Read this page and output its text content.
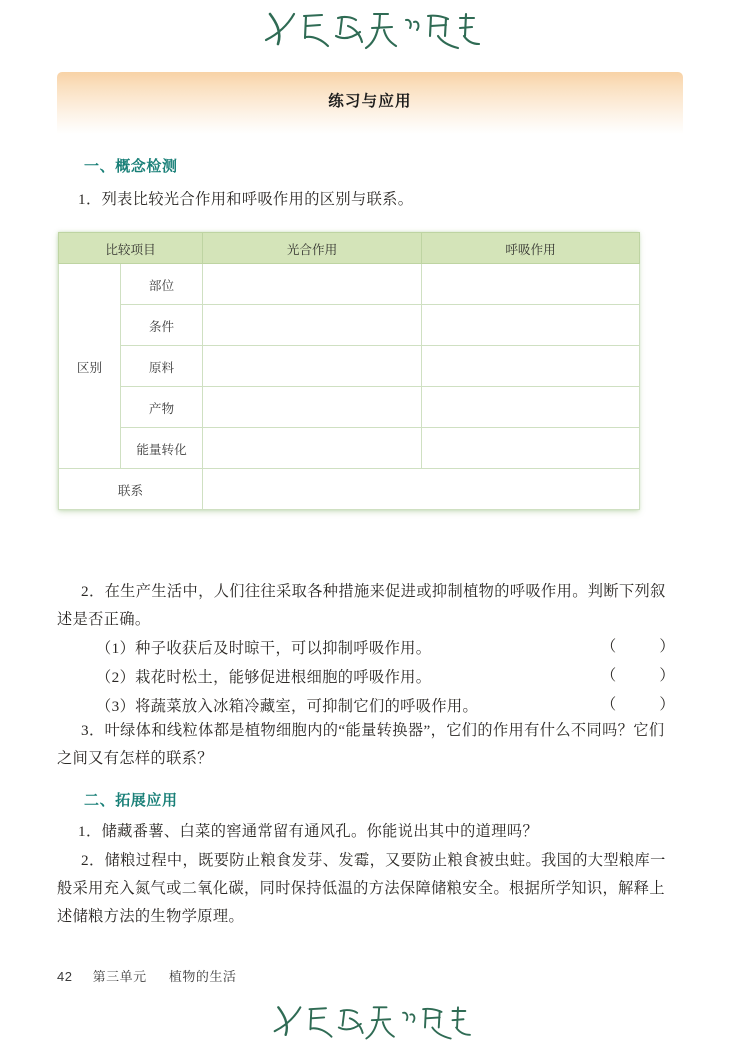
练习与应用
一、概念检测
1．列表比较光合作用和呼吸作用的区别与联系。
比较项目		光合作用	呼吸作用
区别	部位		
	条件		
	原料		
	产物		
	能量转化		
联系			
2．在生产生活中，人们往往采取各种措施来促进或抑制植物的呼吸作用。判断下列叙述是否正确。
（1）种子收获后及时晾干，可以抑制呼吸作用。	（　）
（2）栽花时松土，能够促进根细胞的呼吸作用。	（　）
（3）将蔬菜放入冰箱冷藏室，可抑制它们的呼吸作用。	（　）
3．叶绿体和线粒体都是植物细胞内的“能量转换器”，它们的作用有什么不同吗？它们之间又有怎样的联系？
二、拓展应用
1．储藏番薯、白菜的窖通常留有通风孔。你能说出其中的道理吗？
2．储粮过程中，既要防止粮食发芽、发霉，又要防止粮食被虫蛀。我国的大型粮库一般采用充入氮气或二氧化碳，同时保持低温的方法保障储粮安全。根据所学知识，解释上述储粮方法的生物学原理。
42 第三单元 植物的生活
